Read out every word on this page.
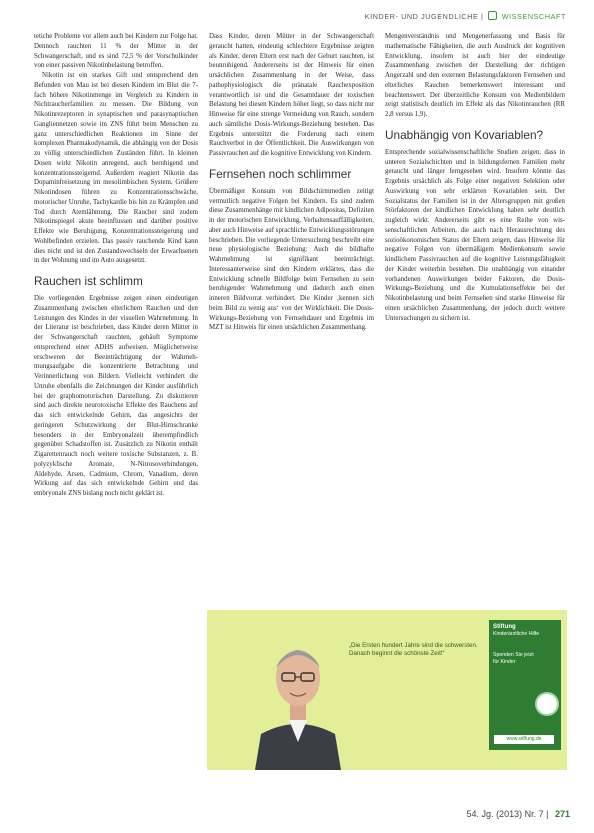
KINDER- UND JUGENDLICHE |	WISSENSCHAFT

tetiche Probleme vor allem auch bei Kindern zur Folge hat. Dennoch rauchten 11 % der Mütter in der Schwangerschaft, und es sind 72,5 % der Vorschulkinder von einer passiven Nikotinbelastung betroffen.

Nikotin ist ein starkes Gift und entsprechend den Befunden von Mau ist bei diesen Kindern im Blut die 7-fach höhere Nikotinmenge im Vergleich zu Kindern in Nichtraucherfamilien zu messen. Die Bildung von Nikotinrezeptoren in synaptischen und parasynaptischen Gangliennetzen sowie im ZNS führt beim Menschen zu ganz unterschiedlichen Reaktionen im Sinne der komplexen Pharmakodynamik, die abhängig von der Dosis zu völlig unterschiedlichen Zuständen führt. In kleinen Dosen wirkt Nikotin anregend, auch beruhigend und konzentrationssteigernd. Außerdem reagiert Nikotin das Dopaminfreisetzung im mesolimbischen System. Größere Nikotindosen führen zu Konzentrationsschwäche, motorischer Unruhe, Tachykardie bis hin zu Krämpfen und Tod durch Atemlähmung. Die Raucher sind zudem Nikotinspiegel akute beeinflussen und darüber positive Effekte wie Beruhigung, Konzentrationssteigerung und Wohlbefinden erzielen. Das passiv rauchende Kind kann dies nicht und ist den Zustandswechseln der Erwachsenen in der Wohnung und im Auto ausgesetzt.

Rauchen ist schlimm

Die vorliegenden Ergebnisse zeigen einen eindeutigen Zusammenhang zwischen elterlichem Rauchen und den Leistungen des Kindes in der visuellen Wahrnehmung. In der Literatur ist beschrieben, dass Kinder deren Mütter in der Schwangerschaft rauchten, gehäuft Symptome entsprechend einer ADHS aufweisen. Möglicherweise erschweren der Beeinträchtigung der Wahrnehmungsaufgabe die konzentrierte Betrachtung und Verinnerlichung von Bildern. Vielleicht verhindert die Unruhe ebenfalls die Zeichnungen der Kinder ausführlich bei der graphomotorischen Darstellung. Zu diskutieren sind auch direkte neurotoxische Effekte des Rauchens auf das sich entwickelnde Gehirn, das angesichts der geringeren Schutzwirkung der Blut-Hirnschranke besonders in der Embryonalzeit überempfindlich gegenüber Schadstoffen ist. Zusätzlich zu Nikotin enthält Zigarettenrauch noch weitere toxische Substanzen, z. B. polyzyklische Aromate, N-Nitrosoverbindungen, Aldehyde, Arsen, Cadmium, Chrom, Vanadium, deren Wirkung auf das sich entwickelnde Gehirn und das embryonale ZNS bislang noch nicht geklärt ist.

Dass Kinder, deren Mütter in der Schwangerschaft geraucht hatten, eindeutig schlechtere Ergebnisse zeigten als Kinder, deren Eltern erst nach der Geburt rauchten, ist beunruhigend. Andererseits ist der Hinweis für einen ursächlichen Zusammenhang in der Weise, dass pathophysiologisch die pränatale Rauchexposition verantwortlich ist und die Gesamtdauer der toxischen Belastung bei diesen Kindern höher liegt, so dass nicht nur Hinweise für eine strenge Vermeidung von Rauch, sondern auch sämtliche Dosis-Wirkungs-Beziehung bestehen. Das Ergebnis unterstützt die Forderung nach einem Rauchverbot in der Öffentlichkeit. Die Auswirkungen von Passivrauchen auf die kognitive Entwicklung von Kindern.

Fernsehen noch schlimmer

Übermäßiger Konsum von Bildschirmmedien zeitigt vermutlich negative Folgen bei Kindern. Es sind zudem diese Zusammenhänge mit kindlichen Adipositas, Defiziten in der motorischen Entwicklung, Verhaltensauffälligkeiten, aber auch Hinweise auf sprachliche Entwicklungsstörungen beschrieben. Die vorliegende Untersuchung beschreibt eine neue physiologische Beziehung: Auch die bildhafte Wahrnehmung ist signifikant beeinträchtigt. Interessanterweise sind den Kindern erklärtes, dass die Entwicklung schnelle Bildfolge beim Fernsehen zu sein beruhigender Wahrnehmung und dadurch auch einen inneren Bildvorrat verhindert. Die Kinder ‚kennen sich beim Bild zu wenig aus‘ von der Wirklichkeit. Die Dosis-Wirkungs-Beziehung von Fernsehdauer und Ergebnis im MZT ist Hinweis für einen ursächlichen Zusammenhang.

Mengenverständnis und Mengenerfassung und Basis für mathematische Fähigkeiten, die auch Ausdruck der kognitiven Entwicklung, insofern ist auch hier der eindeutige Zusammenhang zwischen der Darstellung der richtigen Angerzahl und den externen Belastungsfaktoren Fernsehen und elterliches Rauchen bemerkenswert interessant und beachtenswert. Der überzeitliche Konsum von Medienbildern zeigt statistisch deutlich im Effekt als das Nikotinrauchen (RR 2,8 versus 1,9).

Unabhängig von Kovariablen?

Entsprechende sozialwissenschaftliche Studien zeigen, dass in unteren Sozialschichten und in bildungsfernen Familien mehr geraucht und länger ferngesehen wird. Insofern könnte das Ergebnis ursächlich als Folge einer negativen Selektion oder Auswirkung von sehr erklärten Kovariablen sein. Der Sozialstatus der Familien ist in der Altersgruppen mit großen Störfaktoren der kindlichen Entwicklung haben sehr deutlich zugleich wirkt. Andererseits gibt es eine Reihe von wissenschaftlichen Arbeiten, die auch nach Herausrechnung des sozioökonomischen Status der Eltern zeigen, dass Hinweise für negative Folgen von übermäßigem Medienkonsum sowie kindlichem Passivrauchen auf die kognitive Leistungsfähigkeit der Kinder weiterhin bestehen. Die unabhängig von einander vorhandenen Auswirkungen beider Faktoren, die Dosis-Wirkungs-Beziehung und die Kumulationseffekte bei der Nikotinbelastung und beim Fernsehen sind starke Hinweise für einen ursächlichen Zusammenhang, der jedoch durch weitere Untersuchungen zu sichern ist.

„Die Ersten hundert Jahre sind die schwersten. Danach beginnt die schönste Zeit!“
Stiftung
Kinderärztliche Hilfe
Spenden Sie jetzt
für Kinder
www.stiftung.de
54. Jg. (2013) Nr. 7 | 271
